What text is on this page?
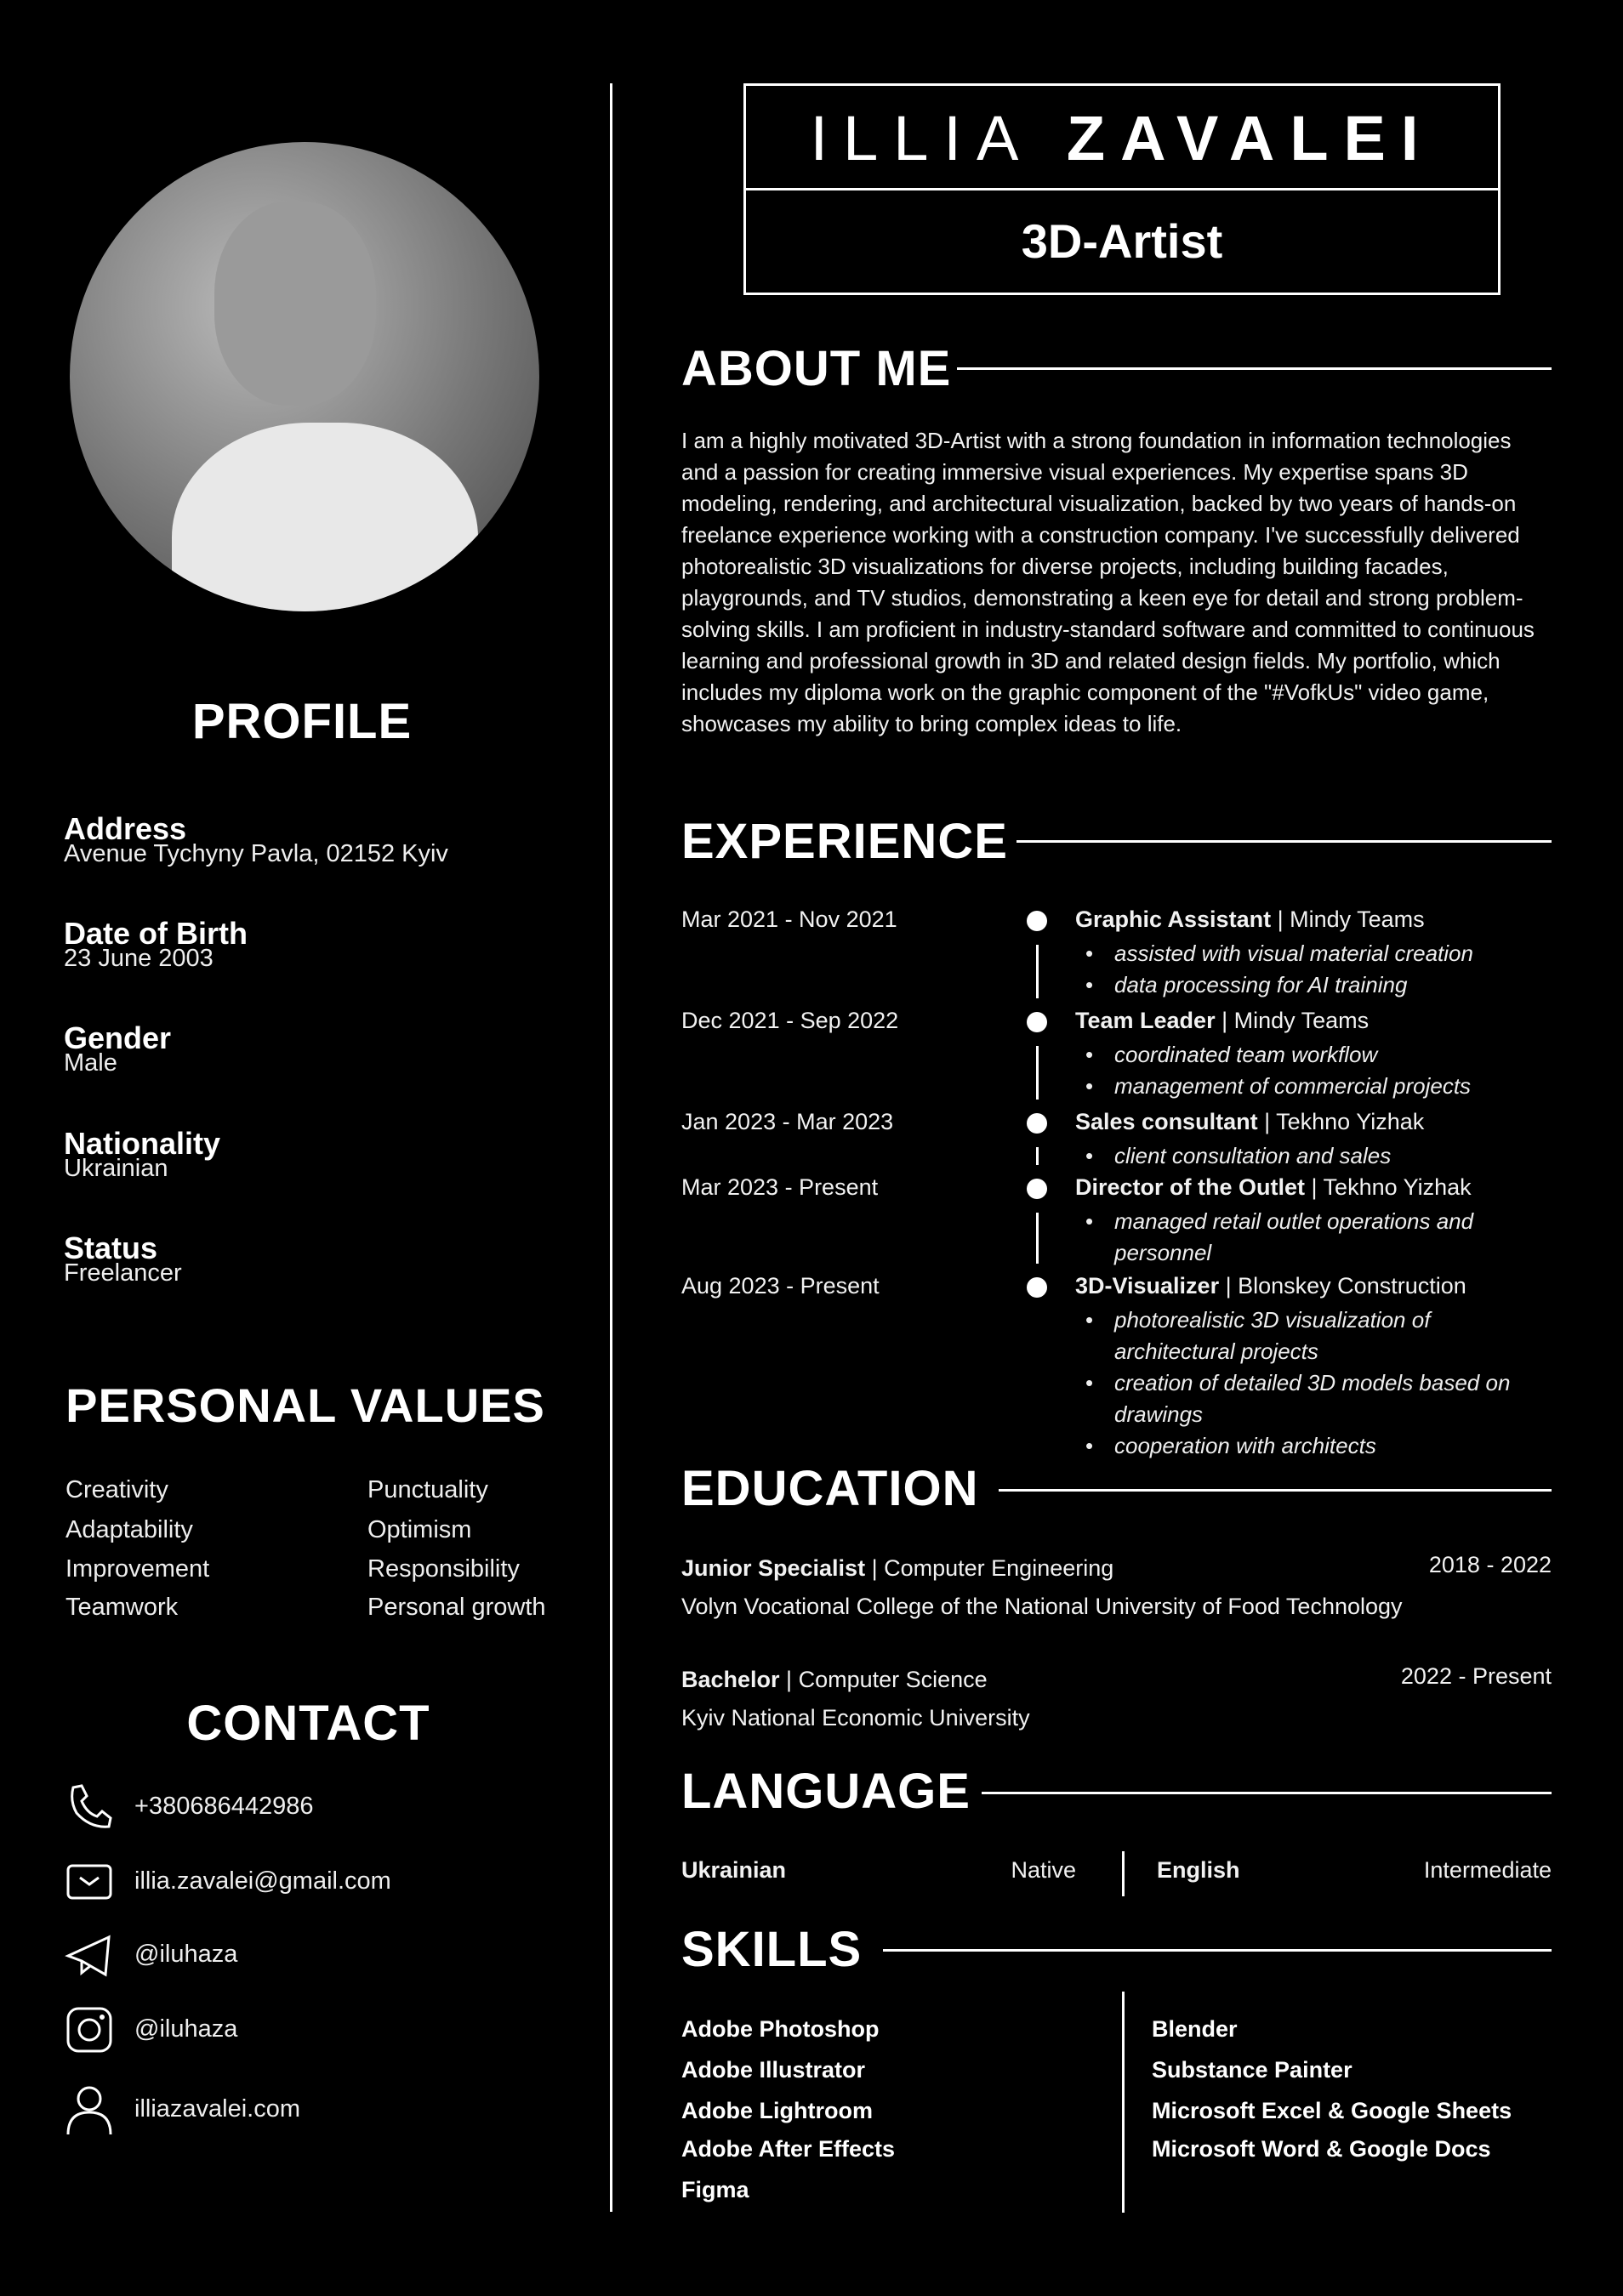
PROFILE
Address
Avenue Tychyny Pavla, 02152 Kyiv
Date of Birth
23 June 2003
Gender
Male
Nationality
Ukrainian
Status
Freelancer
PERSONAL VALUES
Creativity	Punctuality
Adaptability	Optimism
Improvement	Responsibility
Teamwork	Personal growth
CONTACT
+380686442986
illia.zavalei@gmail.com
@iluhaza
@iluhaza
illiazavalei.com
ILLIA ZAVALEI
3D-Artist
ABOUT ME
I am a highly motivated 3D-Artist with a strong foundation in information technologies and a passion for creating immersive visual experiences. My expertise spans 3D modeling, rendering, and architectural visualization, backed by two years of hands-on freelance experience working with a construction company. I've successfully delivered photorealistic 3D visualizations for diverse projects, including building facades, playgrounds, and TV studios, demonstrating a keen eye for detail and strong problem-solving skills. I am proficient in industry-standard software and committed to continuous learning and professional growth in 3D and related design fields. My portfolio, which includes my diploma work on the graphic component of the "#VofkUs" video game, showcases my ability to bring complex ideas to life.
EXPERIENCE
Mar 2021 - Nov 2021	Graphic Assistant | Mindy Teams
• assisted with visual material creation
• data processing for AI training
Dec 2021 - Sep 2022	Team Leader | Mindy Teams
• coordinated team workflow
• management of commercial projects
Jan 2023 - Mar 2023	Sales consultant | Tekhno Yizhak
• client consultation and sales
Mar 2023 - Present	Director of the Outlet | Tekhno Yizhak
• managed retail outlet operations and personnel
Aug 2023 - Present	3D-Visualizer | Blonskey Construction
• photorealistic 3D visualization of architectural projects
• creation of detailed 3D models based on drawings
• cooperation with architects
EDUCATION
Junior Specialist | Computer Engineering	2018 - 2022
Volyn Vocational College of the National University of Food Technology
Bachelor | Computer Science	2022 - Present
Kyiv National Economic University
LANGUAGE
Ukrainian	Native	English	Intermediate
SKILLS
Adobe Photoshop	Blender
Adobe Illustrator	Substance Painter
Adobe Lightroom	Microsoft Excel & Google Sheets
Adobe After Effects	Microsoft Word & Google Docs
Figma
